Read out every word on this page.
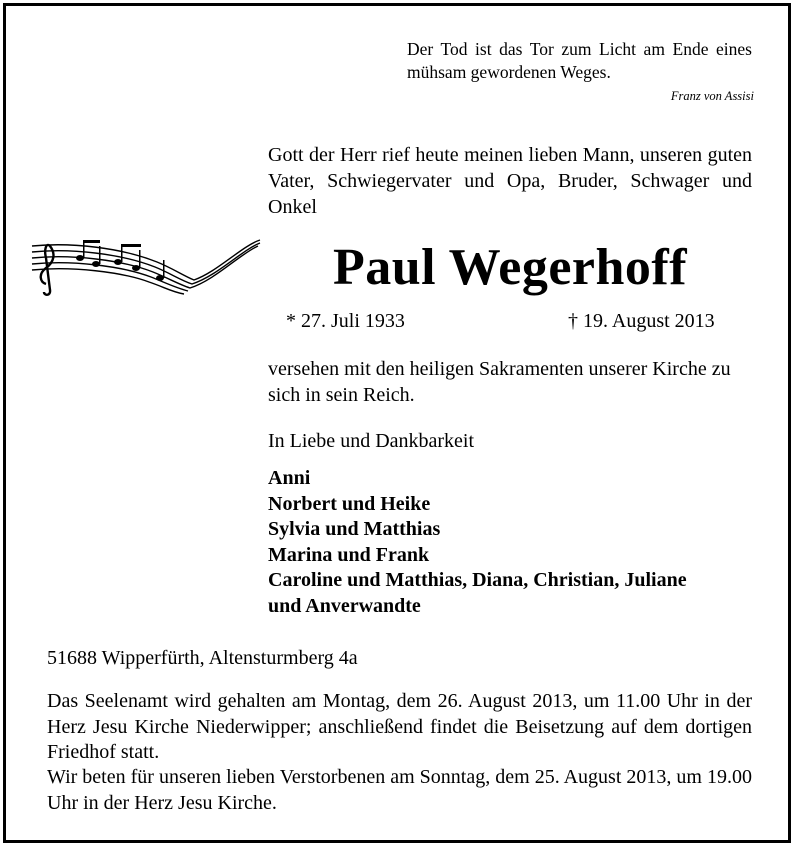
Der Tod ist das Tor zum Licht am Ende eines mühsam gewordenen Weges.
Franz von Assisi
Gott der Herr rief heute meinen lieben Mann, unseren guten Vater, Schwiegervater und Opa, Bruder, Schwager und Onkel
Paul Wegerhoff
* 27. Juli 1933	† 19. August 2013
versehen mit den heiligen Sakramenten unserer Kirche zu sich in sein Reich.
In Liebe und Dankbarkeit
Anni
Norbert und Heike
Sylvia und Matthias
Marina und Frank
Caroline und Matthias, Diana, Christian, Juliane
und Anverwandte
51688 Wipperfürth, Altensturmberg 4a
Das Seelenamt wird gehalten am Montag, dem 26. August 2013, um 11.00 Uhr in der Herz Jesu Kirche Niederwipper; anschließend findet die Beisetzung auf dem dortigen Friedhof statt.
Wir beten für unseren lieben Verstorbenen am Sonntag, dem 25. August 2013, um 19.00 Uhr in der Herz Jesu Kirche.
